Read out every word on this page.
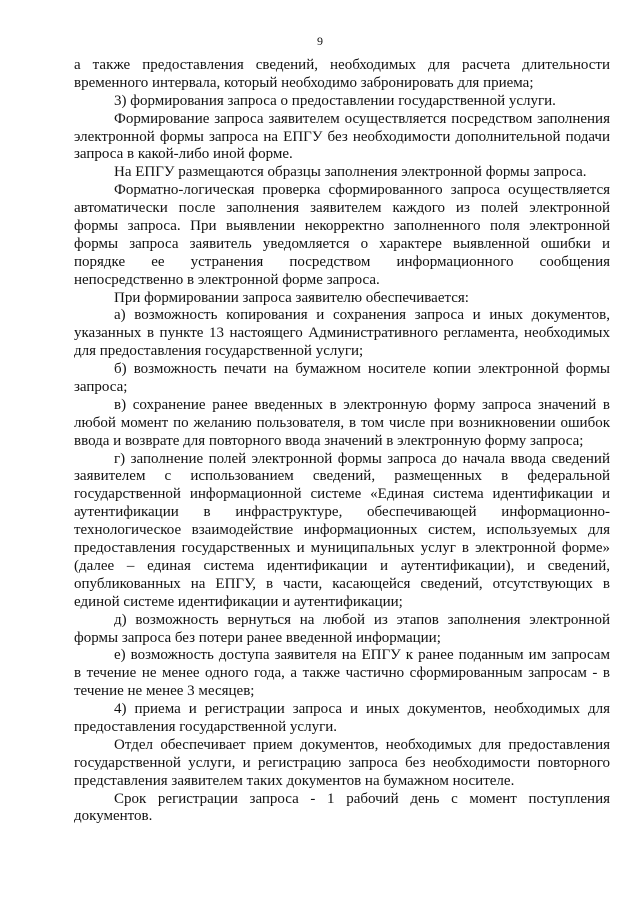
9
а также предоставления сведений, необходимых для расчета длительности
временного интервала, который необходимо забронировать для приема;
3) формирования запроса о предоставлении государственной услуги.
Формирование запроса заявителем осуществляется посредством заполнения
электронной формы запроса на ЕПГУ без необходимости дополнительной подачи
запроса в какой-либо иной форме.
На ЕПГУ размещаются образцы заполнения электронной формы запроса.
Форматно-логическая проверка сформированного запроса осуществляется
автоматически после заполнения заявителем каждого из полей электронной
формы запроса. При выявлении некорректно заполненного поля электронной
формы запроса заявитель уведомляется о характере выявленной ошибки и
порядке ее устранения посредством информационного сообщения
непосредственно в электронной форме запроса.
При формировании запроса заявителю обеспечивается:
а) возможность копирования и сохранения запроса и иных документов,
указанных в пункте 13 настоящего Административного регламента, необходимых
для предоставления государственной услуги;
б) возможность печати на бумажном носителе копии электронной формы
запроса;
в) сохранение ранее введенных в электронную форму запроса значений в
любой момент по желанию пользователя, в том числе при возникновении ошибок
ввода и возврате для повторного ввода значений в электронную форму запроса;
г) заполнение полей электронной формы запроса до начала ввода сведений
заявителем с использованием сведений, размещенных в федеральной
государственной информационной системе «Единая система идентификации и
аутентификации в инфраструктуре, обеспечивающей информационно-
технологическое взаимодействие информационных систем, используемых для
предоставления государственных и муниципальных услуг в электронной форме»
(далее – единая система идентификации и аутентификации), и сведений,
опубликованных на ЕПГУ, в части, касающейся сведений, отсутствующих в
единой системе идентификации и аутентификации;
д) возможность вернуться на любой из этапов заполнения электронной
формы запроса без потери ранее введенной информации;
е) возможность доступа заявителя на ЕПГУ к ранее поданным им запросам
в течение не менее одного года, а также частично сформированным запросам - в
течение не менее 3 месяцев;
4) приема и регистрации запроса и иных документов, необходимых для
предоставления государственной услуги.
Отдел обеспечивает прием документов, необходимых для предоставления
государственной услуги, и регистрацию запроса без необходимости повторного
представления заявителем таких документов на бумажном носителе.
Срок регистрации запроса - 1 рабочий день с момент поступления
документов.
